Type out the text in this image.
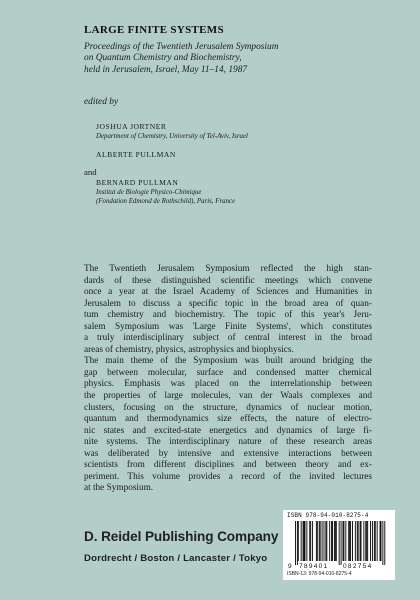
LARGE FINITE SYSTEMS
Proceedings of the Twentieth Jerusalem Symposium
on Quantum Chemistry and Biochemistry,
held in Jerusalem, Israel, May 11–14, 1987
edited by
JOSHUA JORTNER
Department of Chemistry, University of Tel-Aviv, Israel
ALBERTE PULLMAN
and
BERNARD PULLMAN
Institut de Biologie Physico-Chimique
(Fondation Edmond de Rothschild), Paris, France
The Twentieth Jerusalem Symposium reflected the high stan-
dards of these distinguished scientific meetings which convene
once a year at the Israel Academy of Sciences and Humanities in
Jerusalem to discuss a specific topic in the broad area of quan-
tum chemistry and biochemistry. The topic of this year's Jeru-
salem Symposium was 'Large Finite Systems', which constitutes
a truly interdisciplinary subject of central interest in the broad
areas of chemistry, physics, astrophysics and biophysics.
The main theme of the Symposium was built around bridging the
gap between molecular, surface and condensed matter chemical
physics. Emphasis was placed on the interrelationship between
the properties of large molecules, van der Waals complexes and
clusters, focusing on the structure, dynamics of nuclear motion,
quantum and thermodynamics size effects, the nature of electro-
nic states and excited-state energetics and dynamics of large fi-
nite systems. The interdisciplinary nature of these research areas
was deliberated by intensive and extensive interactions between
scientists from different disciplines and between theory and ex-
periment. This volume provides a record of the invited lectures
at the Symposium.
D. Reidel Publishing Company
Dordrecht / Boston / Lancaster / Tokyo
ISBN 978-94-010-8275-4
9 789401 082754
ISBN-13: 978-94-010-8275-4
